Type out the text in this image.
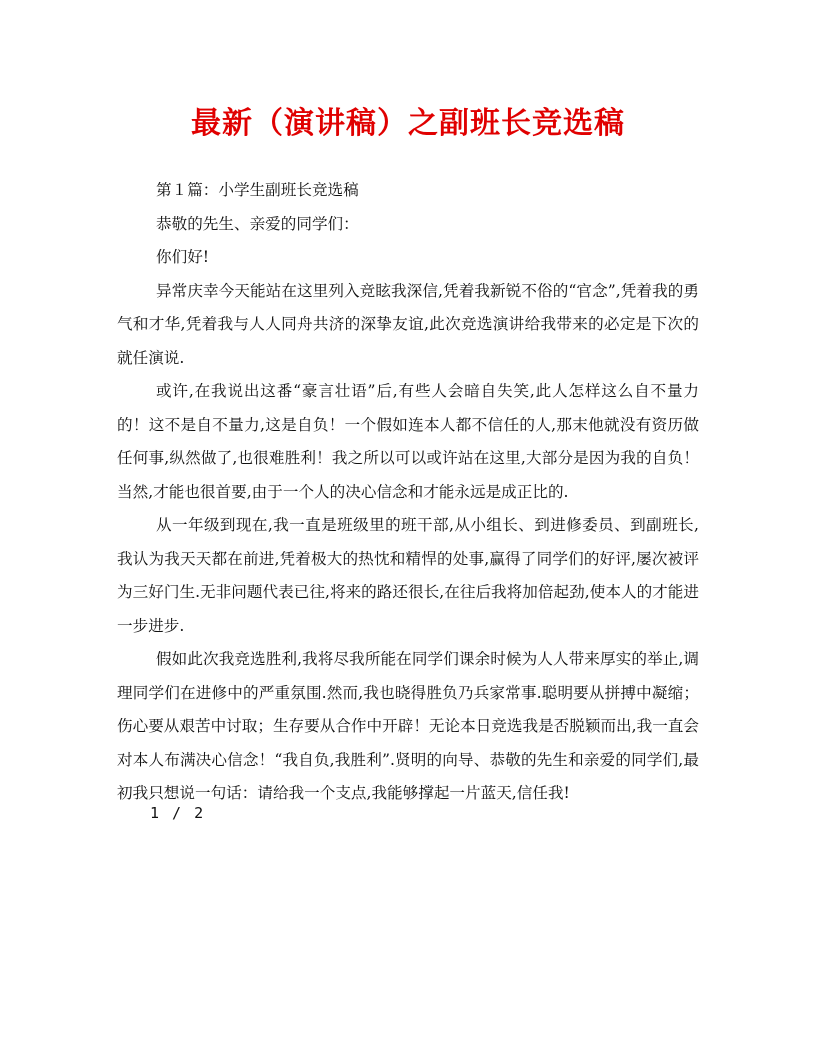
最新（演讲稿）之副班长竞选稿

第１篇：小学生副班长竞选稿

恭敬的先生、亲爱的同学们：

你们好!

异常庆幸今天能站在这里列入竞眩我深信,凭着我新锐不俗的“官念”,凭着我的勇气和才华,凭着我与人人同舟共济的深挚友谊,此次竞选演讲给我带来的必定是下次的就任演说.

或许,在我说出这番“豪言壮语”后,有些人会暗自失笑,此人怎样这么自不量力的！这不是自不量力,这是自负！一个假如连本人都不信任的人,那末他就没有资历做任何事,纵然做了,也很难胜利！我之所以可以或许站在这里,大部分是因为我的自负！当然,才能也很首要,由于一个人的决心信念和才能永远是成正比的.

从一年级到现在,我一直是班级里的班干部,从小组长、到进修委员、到副班长,我认为我天天都在前进,凭着极大的热忱和精悍的处事,赢得了同学们的好评,屡次被评为三好门生.无非问题代表已往,将来的路还很长,在往后我将加倍起劲,使本人的才能进一步进步.

假如此次我竞选胜利,我将尽我所能在同学们课余时候为人人带来厚实的举止,调理同学们在进修中的严重氛围.然而,我也晓得胜负乃兵家常事.聪明要从拼搏中凝缩；伤心要从艰苦中讨取；生存要从合作中开辟！无论本日竞选我是否脱颖而出,我一直会对本人布满决心信念！“我自负,我胜利”.贤明的向导、恭敬的先生和亲爱的同学们,最初我只想说一句话：请给我一个支点,我能够撑起一片蓝天,信任我!

1 / 2
